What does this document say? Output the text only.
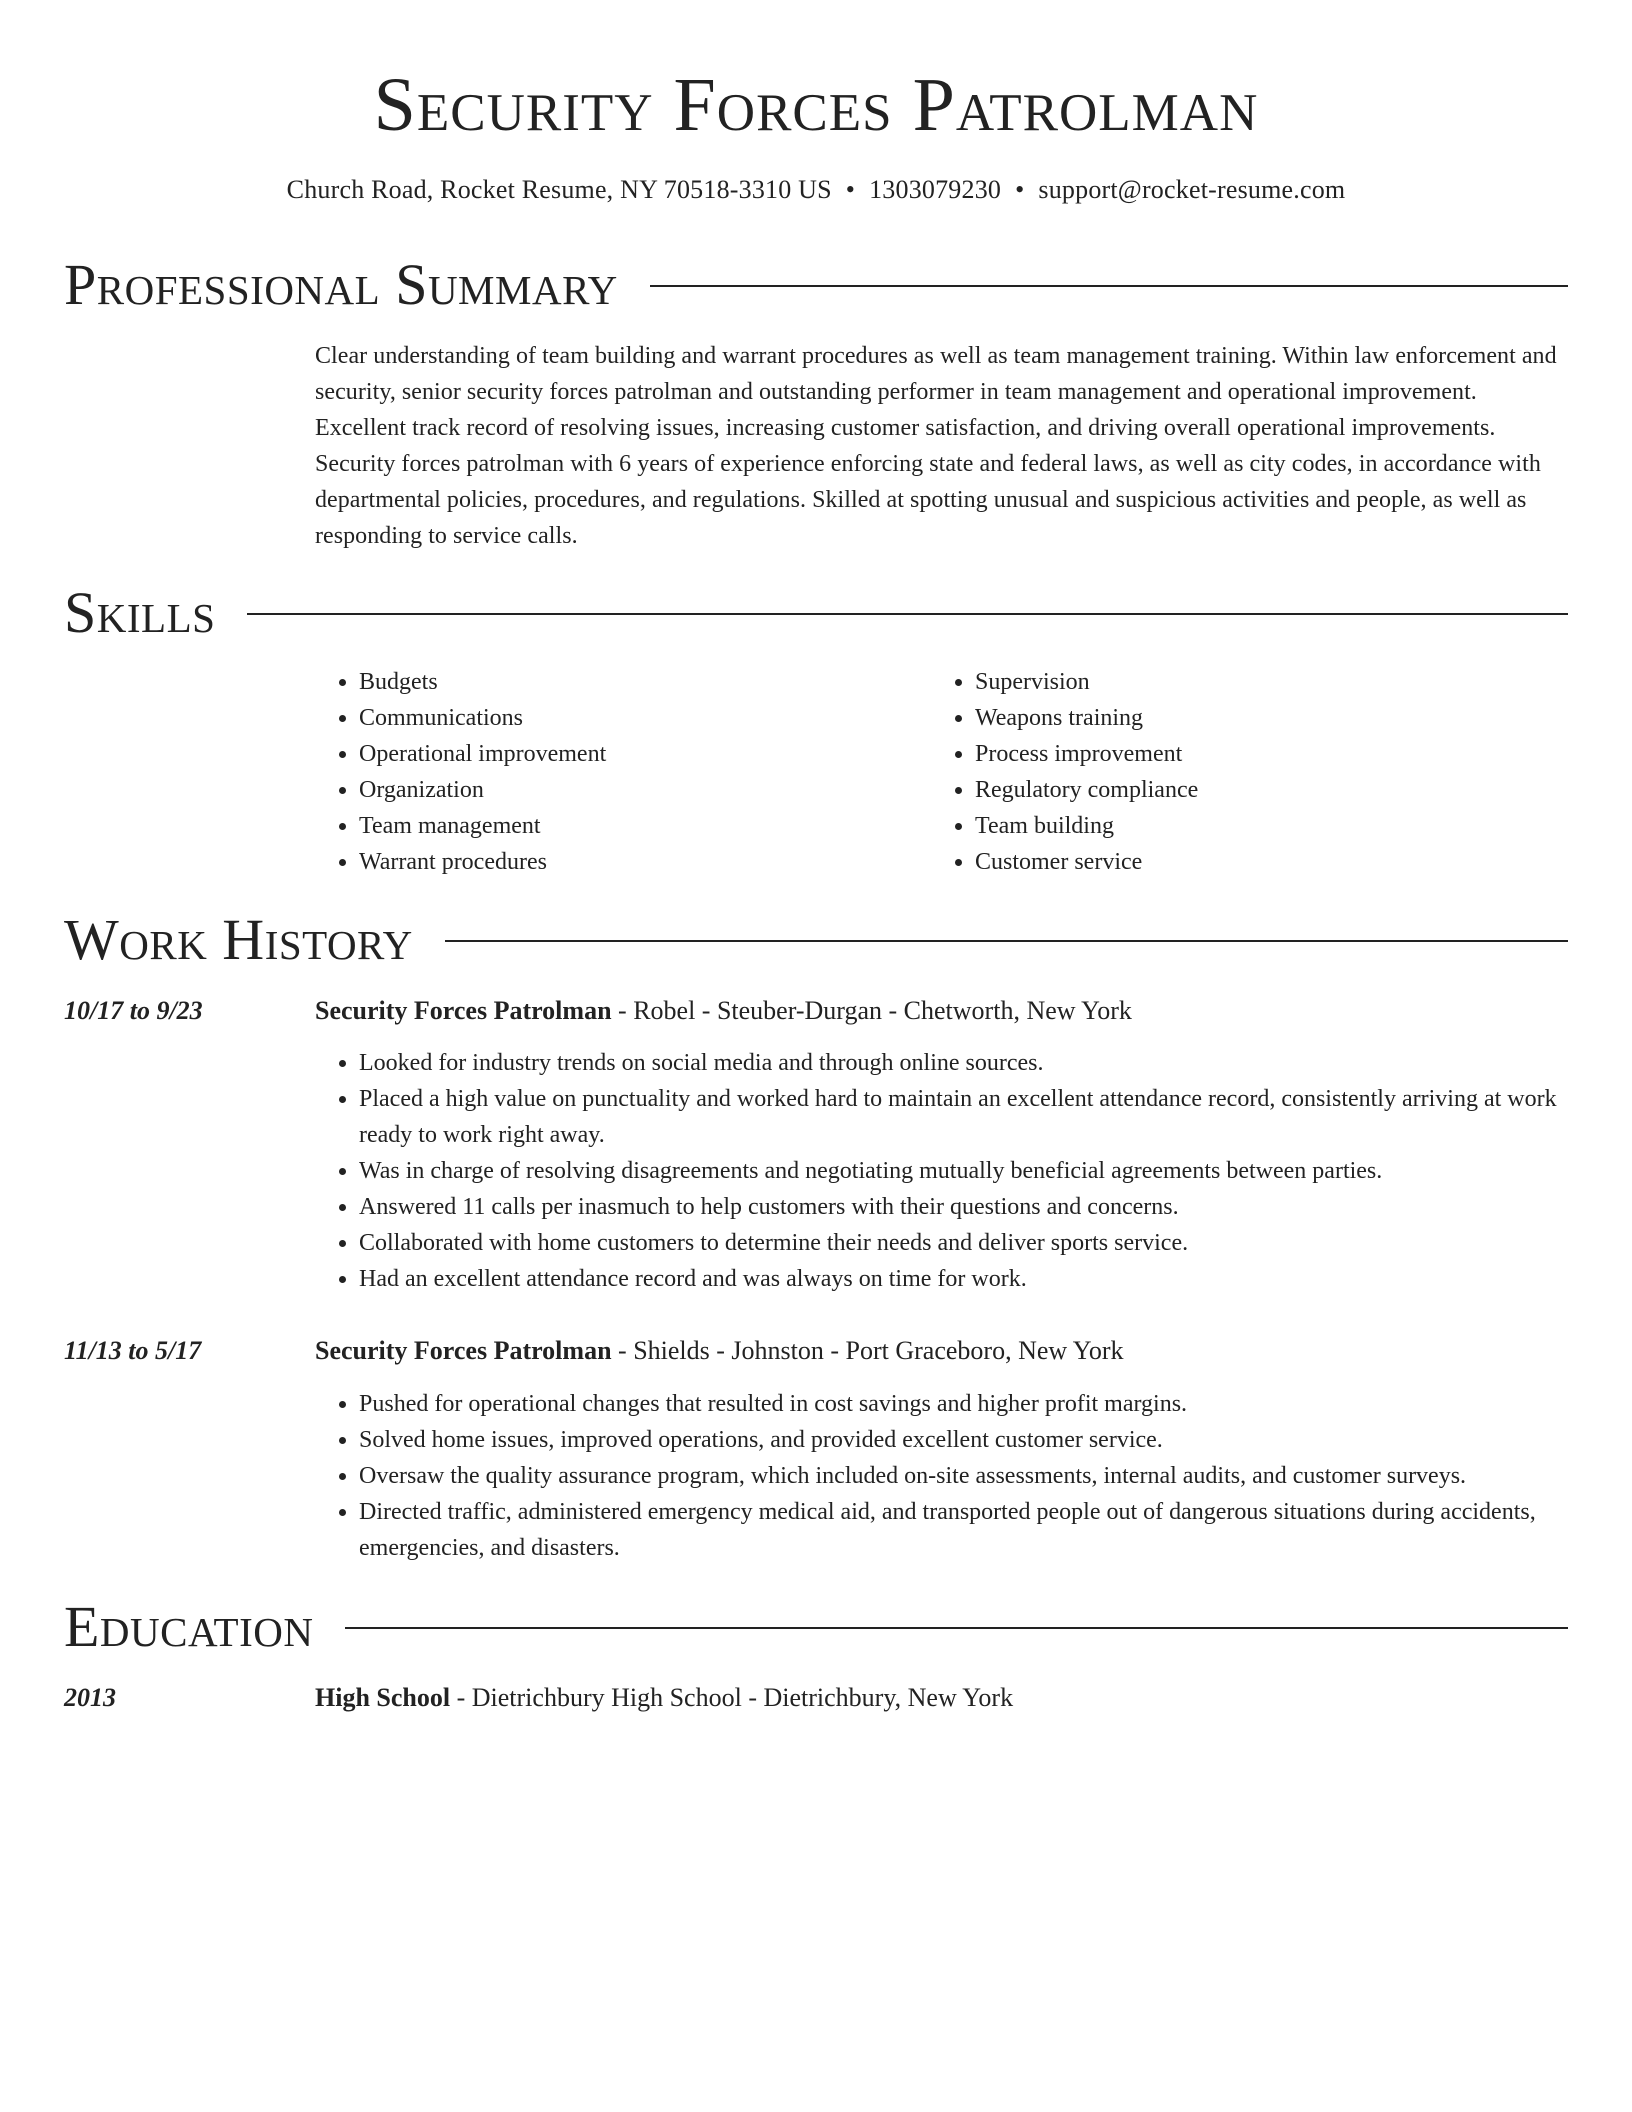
Security Forces Patrolman
Church Road, Rocket Resume, NY 70518-3310 US • 1303079230 • support@rocket-resume.com
Professional Summary

Clear understanding of team building and warrant procedures as well as team management training. Within law enforcement and security, senior security forces patrolman and outstanding performer in team management and operational improvement. Excellent track record of resolving issues, increasing customer satisfaction, and driving overall operational improvements. Security forces patrolman with 6 years of experience enforcing state and federal laws, as well as city codes, in accordance with departmental policies, procedures, and regulations. Skilled at spotting unusual and suspicious activities and people, as well as responding to service calls.

Skills
• Budgets
• Communications
• Operational improvement
• Organization
• Team management
• Warrant procedures
• Supervision
• Weapons training
• Process improvement
• Regulatory compliance
• Team building
• Customer service
Work History
10/17 to 9/23	Security Forces Patrolman - Robel - Steuber-Durgan - Chetworth, New York
• Looked for industry trends on social media and through online sources.
• Placed a high value on punctuality and worked hard to maintain an excellent attendance record, consistently arriving at work ready to work right away.
• Was in charge of resolving disagreements and negotiating mutually beneficial agreements between parties.
• Answered 11 calls per inasmuch to help customers with their questions and concerns.
• Collaborated with home customers to determine their needs and deliver sports service.
• Had an excellent attendance record and was always on time for work.
11/13 to 5/17	Security Forces Patrolman - Shields - Johnston - Port Graceboro, New York
• Pushed for operational changes that resulted in cost savings and higher profit margins.
• Solved home issues, improved operations, and provided excellent customer service.
• Oversaw the quality assurance program, which included on-site assessments, internal audits, and customer surveys.
• Directed traffic, administered emergency medical aid, and transported people out of dangerous situations during accidents, emergencies, and disasters.
Education
2013	High School - Dietrichbury High School - Dietrichbury, New York
